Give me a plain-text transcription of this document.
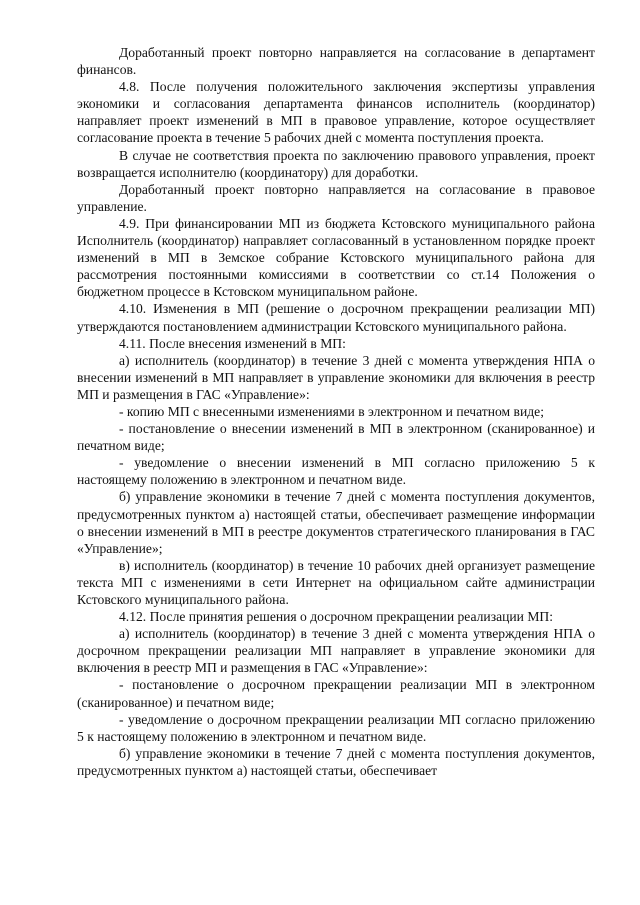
Доработанный проект повторно направляется на согласование в департамент финансов.

4.8. После получения положительного заключения экспертизы управления экономики и согласования департамента финансов исполнитель (координатор) направляет проект изменений в МП в правовое управление, которое осуществляет согласование проекта в течение 5 рабочих дней с момента поступления проекта.

В случае не соответствия проекта по заключению правового управления, проект возвращается исполнителю (координатору) для доработки.

Доработанный проект повторно направляется на согласование в правовое управление.

4.9. При финансировании МП из бюджета Кстовского муниципального района Исполнитель (координатор) направляет согласованный в установленном порядке проект изменений в МП в Земское собрание Кстовского муниципального района для рассмотрения постоянными комиссиями в соответствии со ст.14 Положения о бюджетном процессе в Кстовском муниципальном районе.

4.10. Изменения в МП (решение о досрочном прекращении реализации МП) утверждаются постановлением администрации Кстовского муниципального района.

4.11. После внесения изменений в МП:

а) исполнитель (координатор) в течение 3 дней с момента утверждения НПА о внесении изменений в МП направляет в управление экономики для включения в реестр МП и размещения в ГАС «Управление»:

- копию МП с внесенными изменениями в электронном и печатном виде;

- постановление о внесении изменений в МП в электронном (сканированное) и печатном виде;

- уведомление о внесении изменений в МП согласно приложению 5 к настоящему положению в электронном и печатном виде.

б) управление экономики в течение 7 дней с момента поступления документов, предусмотренных пунктом а) настоящей статьи, обеспечивает размещение информации о внесении изменений в МП в реестре документов стратегического планирования в ГАС «Управление»;

в) исполнитель (координатор) в течение 10 рабочих дней организует размещение текста МП с изменениями в сети Интернет на официальном сайте администрации Кстовского муниципального района.

4.12. После принятия решения о досрочном прекращении реализации МП:

а) исполнитель (координатор) в течение 3 дней с момента утверждения НПА о досрочном прекращении реализации МП направляет в управление экономики для включения в реестр МП и размещения в ГАС «Управление»:

- постановление о досрочном прекращении реализации МП в электронном (сканированное) и печатном виде;

- уведомление о досрочном прекращении реализации МП согласно приложению 5 к настоящему положению в электронном и печатном виде.

б) управление экономики в течение 7 дней с момента поступления документов, предусмотренных пунктом а) настоящей статьи, обеспечивает
